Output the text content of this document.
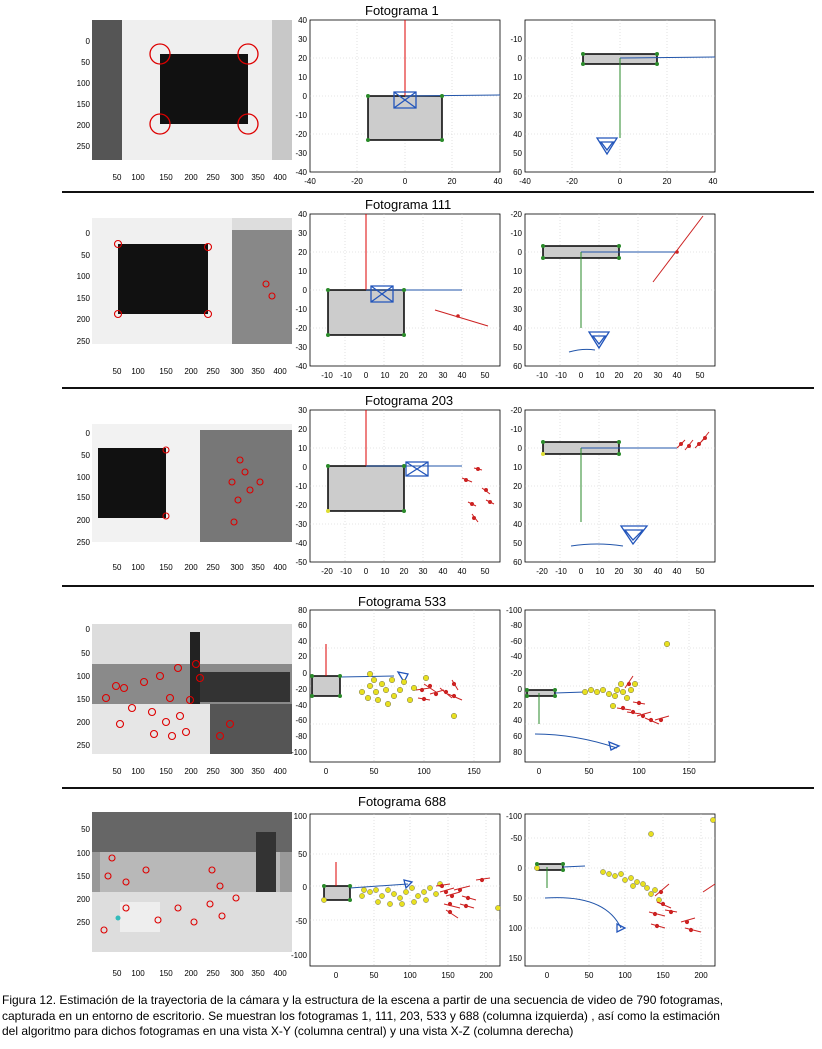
Fotograma 1
0
50
100
150
200
250
50 100 150 200 250 300 350 400
40
30
20
10
0
-10
-20
-30
-40
-40	-20	0	20	40
-10
0
10
20
30
40
50
60
-40	-20	0	20	40
Fotograma 111
0
50
100
150
200
250
50 100 150 200 250 300 350 400
40
30
20
10
0
-10
-20
-30
-40
-10 -10 0 10 20 20 30 40 50
-20
-10
0
10
20
30
40
50
60
-10 -10 0 10 20 20 30 40 50
Fotograma 203
0
50
100
150
200
250
50 100 150 200 250 300 350 400
30
20
10
0
-10
-20
-30
-40
-50
-20 -10 0 10 20 30 40 40 50
-20
-10
0
10
20
30
40
50
60
-20 -10 0 10 20 30 40 40 50
Fotograma 533
0
50
100
150
200
250
50 100 150 200 250 300 350 400
80
60
40
20
0
-20
-40
-60
-80
-100
0	50	100	150
-100
-80
-60
-40
-20
0
20
40
60
80
0	50	100	150
Fotograma 688
50
100
150
200
250
50 100 150 200 250 300 350 400
100
50
0
-50
-100
0	50	100	150	200
-100
-50
0
50
100
150
0	50	100	150	200
Figura 12. Estimación de la trayectoria de la cámara y la estructura de la escena a partir de una secuencia de video de 790 fotogramas,
capturada en un entorno de escritorio. Se muestran los fotogramas 1, 111, 203, 533 y 688 (columna izquierda) , así como la estimación
del algoritmo para dichos fotogramas en una vista X-Y (columna central) y una vista X-Z (columna derecha)
